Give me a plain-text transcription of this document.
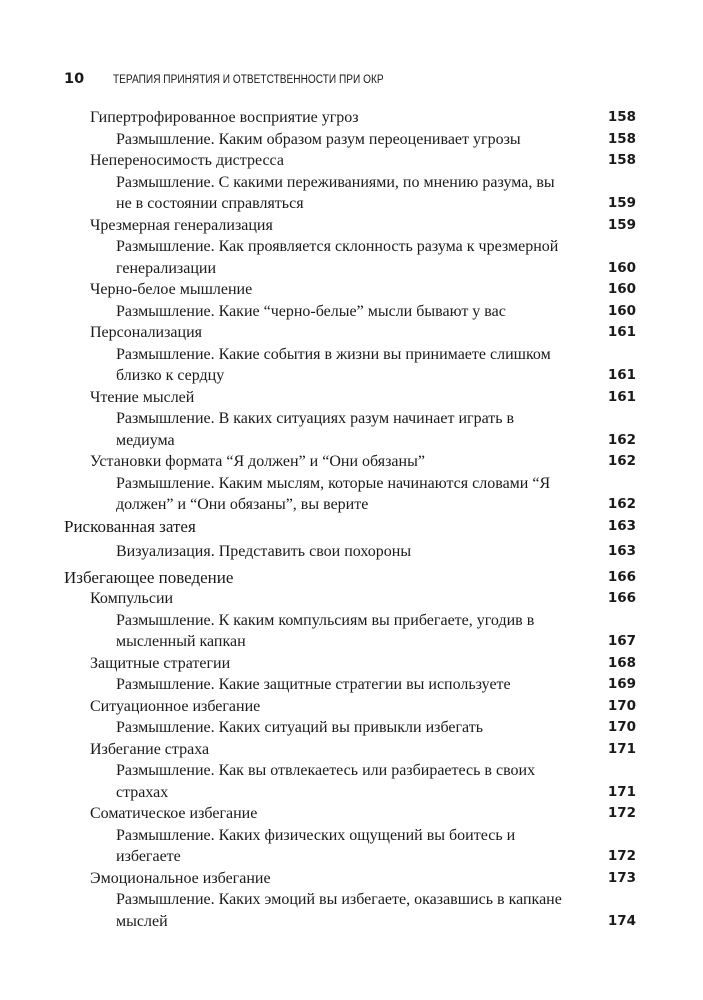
10	ТЕРАПИЯ ПРИНЯТИЯ И ОТВЕТСТВЕННОСТИ ПРИ ОКР
Гипертрофированное восприятие угроз	158
Размышление. Каким образом разум переоценивает угрозы	158
Непереносимость дистресса	158
Размышление. С какими переживаниями, по мнению разума, вы не в состоянии справляться	159
Чрезмерная генерализация	159
Размышление. Как проявляется склонность разума к чрезмерной генерализации	160
Черно-белое мышление	160
Размышление. Какие “черно-белые” мысли бывают у вас	160
Персонализация	161
Размышление. Какие события в жизни вы принимаете слишком близко к сердцу	161
Чтение мыслей	161
Размышление. В каких ситуациях разум начинает играть в медиума	162
Установки формата “Я должен” и “Они обязаны”	162
Размышление. Каким мыслям, которые начинаются словами “Я должен” и “Они обязаны”, вы верите	162
Рискованная затея	163
Визуализация. Представить свои похороны	163
Избегающее поведение	166
Компульсии	166
Размышление. К каким компульсиям вы прибегаете, угодив в мысленный капкан	167
Защитные стратегии	168
Размышление. Какие защитные стратегии вы используете	169
Ситуационное избегание	170
Размышление. Каких ситуаций вы привыкли избегать	170
Избегание страха	171
Размышление. Как вы отвлекаетесь или разбираетесь в своих страхах	171
Соматическое избегание	172
Размышление. Каких физических ощущений вы боитесь и избегаете	172
Эмоциональное избегание	173
Размышление. Каких эмоций вы избегаете, оказавшись в капкане мыслей	174
